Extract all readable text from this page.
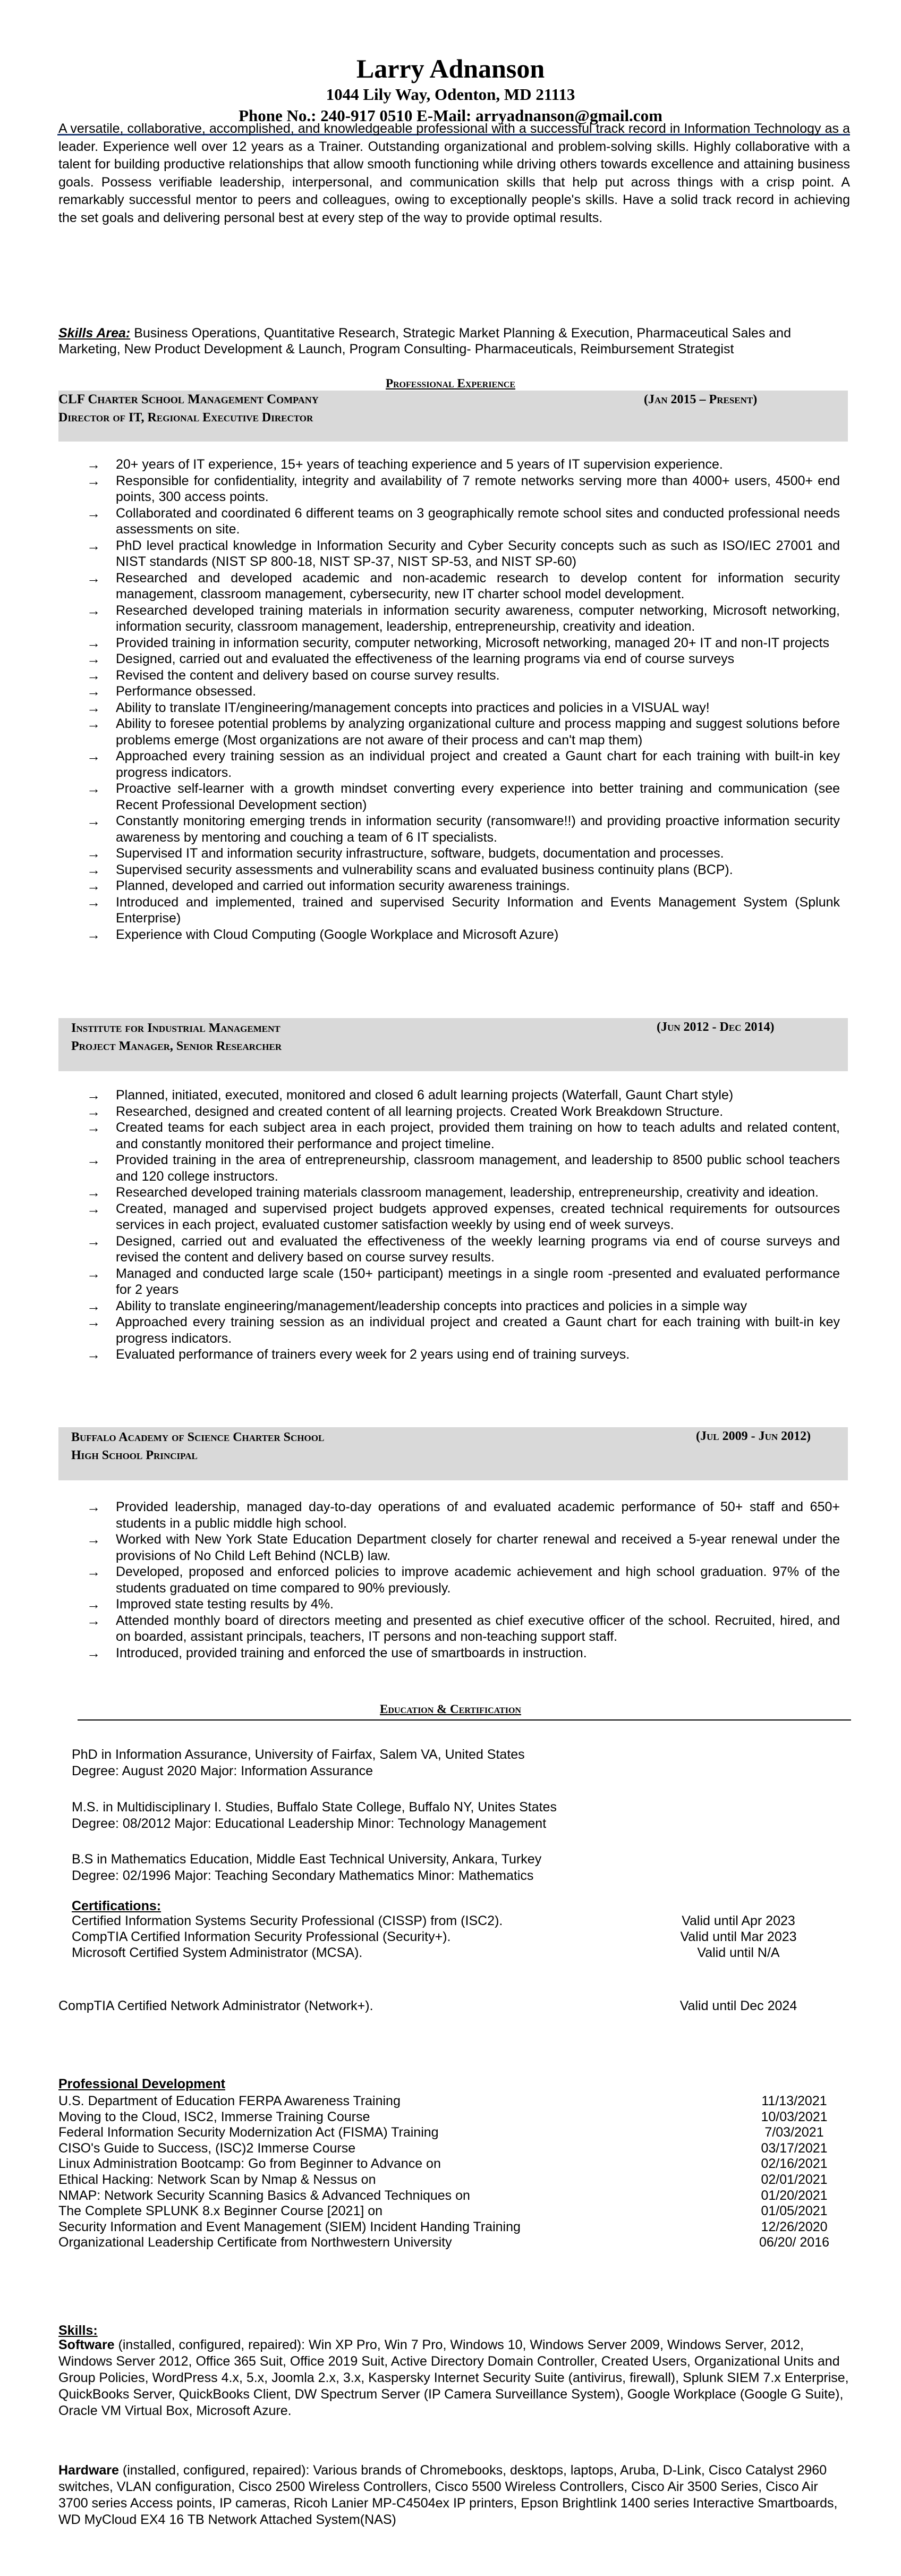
Larry Adnanson
1044 Lily Way, Odenton, MD 21113
Phone No.: 240-917 0510 E-Mail: arryadnanson@gmail.com
A versatile, collaborative, accomplished, and knowledgeable professional with a successful track record in Information Technology as a leader. Experience well over 12 years as a Trainer. Outstanding organizational and problem-solving skills. Highly collaborative with a talent for building productive relationships that allow smooth functioning while driving others towards excellence and attaining business goals. Possess verifiable leadership, interpersonal, and communication skills that help put across things with a crisp point. A remarkably successful mentor to peers and colleagues, owing to exceptionally people's skills. Have a solid track record in achieving the set goals and delivering personal best at every step of the way to provide optimal results.
Skills Area: Business Operations, Quantitative Research, Strategic Market Planning & Execution, Pharmaceutical Sales and Marketing, New Product Development & Launch, Program Consulting- Pharmaceuticals, Reimbursement Strategist
Professional Experience
CLF Charter School Management Company	(Jan 2015 – Present)
Director of IT, Regional Executive Director
→ 20+ years of IT experience, 15+ years of teaching experience and 5 years of IT supervision experience.
→ Responsible for confidentiality, integrity and availability of 7 remote networks serving more than 4000+ users, 4500+ end points, 300 access points.
→ Collaborated and coordinated 6 different teams on 3 geographically remote school sites and conducted professional needs assessments on site.
→ PhD level practical knowledge in Information Security and Cyber Security concepts such as such as ISO/IEC 27001 and NIST standards (NIST SP 800-18, NIST SP-37, NIST SP-53, and NIST SP-60)
→ Researched and developed academic and non-academic research to develop content for information security management, classroom management, cybersecurity, new IT charter school model development.
→ Researched developed training materials in information security awareness, computer networking, Microsoft networking, information security, classroom management, leadership, entrepreneurship, creativity and ideation.
→ Provided training in information security, computer networking, Microsoft networking, managed 20+ IT and non-IT projects
→ Designed, carried out and evaluated the effectiveness of the learning programs via end of course surveys
→ Revised the content and delivery based on course survey results.
→ Performance obsessed.
→ Ability to translate IT/engineering/management concepts into practices and policies in a VISUAL way!
→ Ability to foresee potential problems by analyzing organizational culture and process mapping and suggest solutions before problems emerge (Most organizations are not aware of their process and can't map them)
→ Approached every training session as an individual project and created a Gaunt chart for each training with built-in key progress indicators.
→ Proactive self-learner with a growth mindset converting every experience into better training and communication (see Recent Professional Development section)
→ Constantly monitoring emerging trends in information security (ransomware!!) and providing proactive information security awareness by mentoring and couching a team of 6 IT specialists.
→ Supervised IT and information security infrastructure, software, budgets, documentation and processes.
→ Supervised security assessments and vulnerability scans and evaluated business continuity plans (BCP).
→ Planned, developed and carried out information security awareness trainings.
→ Introduced and implemented, trained and supervised Security Information and Events Management System (Splunk Enterprise)
→ Experience with Cloud Computing (Google Workplace and Microsoft Azure)
Institute for Industrial Management	(Jun 2012 - Dec 2014)
Project Manager, Senior Researcher
→ Planned, initiated, executed, monitored and closed 6 adult learning projects (Waterfall, Gaunt Chart style)
→ Researched, designed and created content of all learning projects. Created Work Breakdown Structure.
→ Created teams for each subject area in each project, provided them training on how to teach adults and related content, and constantly monitored their performance and project timeline.
→ Provided training in the area of entrepreneurship, classroom management, and leadership to 8500 public school teachers and 120 college instructors.
→ Researched developed training materials classroom management, leadership, entrepreneurship, creativity and ideation.
→ Created, managed and supervised project budgets approved expenses, created technical requirements for outsources services in each project, evaluated customer satisfaction weekly by using end of week surveys.
→ Designed, carried out and evaluated the effectiveness of the weekly learning programs via end of course surveys and revised the content and delivery based on course survey results.
→ Managed and conducted large scale (150+ participant) meetings in a single room -presented and evaluated performance for 2 years
→ Ability to translate engineering/management/leadership concepts into practices and policies in a simple way
→ Approached every training session as an individual project and created a Gaunt chart for each training with built-in key progress indicators.
→ Evaluated performance of trainers every week for 2 years using end of training surveys.
Buffalo Academy of Science Charter School	(Jul 2009 - Jun 2012)
High School Principal
→ Provided leadership, managed day-to-day operations of and evaluated academic performance of 50+ staff and 650+ students in a public middle high school.
→ Worked with New York State Education Department closely for charter renewal and received a 5-year renewal under the provisions of No Child Left Behind (NCLB) law.
→ Developed, proposed and enforced policies to improve academic achievement and high school graduation. 97% of the students graduated on time compared to 90% previously.
→ Improved state testing results by 4%.
→ Attended monthly board of directors meeting and presented as chief executive officer of the school. Recruited, hired, and on boarded, assistant principals, teachers, IT persons and non-teaching support staff.
→ Introduced, provided training and enforced the use of smartboards in instruction.
Education & Certification
PhD in Information Assurance, University of Fairfax, Salem VA, United States
Degree: August 2020 Major: Information Assurance
M.S. in Multidisciplinary I. Studies, Buffalo State College, Buffalo NY, Unites States
Degree: 08/2012 Major: Educational Leadership Minor: Technology Management
B.S in Mathematics Education, Middle East Technical University, Ankara, Turkey
Degree: 02/1996 Major: Teaching Secondary Mathematics Minor: Mathematics
Certifications:
Certified Information Systems Security Professional (CISSP) from (ISC2).	Valid until Apr 2023
CompTIA Certified Information Security Professional (Security+).	Valid until Mar 2023
Microsoft Certified System Administrator (MCSA).	Valid until N/A
CompTIA Certified Network Administrator (Network+).	Valid until Dec 2024
Professional Development
U.S. Department of Education FERPA Awareness Training	11/13/2021
Moving to the Cloud, ISC2, Immerse Training Course	10/03/2021
Federal Information Security Modernization Act (FISMA) Training	7/03/2021
CISO's Guide to Success, (ISC)2 Immerse Course	03/17/2021
Linux Administration Bootcamp: Go from Beginner to Advance on	02/16/2021
Ethical Hacking: Network Scan by Nmap & Nessus on	02/01/2021
NMAP: Network Security Scanning Basics & Advanced Techniques on	01/20/2021
The Complete SPLUNK 8.x Beginner Course [2021] on	01/05/2021
Security Information and Event Management (SIEM) Incident Handing Training	12/26/2020
Organizational Leadership Certificate from Northwestern University	06/20/ 2016
Skills:
Software (installed, configured, repaired): Win XP Pro, Win 7 Pro, Windows 10, Windows Server 2009, Windows Server, 2012, Windows Server 2012, Office 365 Suit, Office 2019 Suit, Active Directory Domain Controller, Created Users, Organizational Units and Group Policies, WordPress 4.x, 5.x, Joomla 2.x, 3.x, Kaspersky Internet Security Suite (antivirus, firewall), Splunk SIEM 7.x Enterprise, QuickBooks Server, QuickBooks Client, DW Spectrum Server (IP Camera Surveillance System), Google Workplace (Google G Suite), Oracle VM Virtual Box, Microsoft Azure.
Hardware (installed, configured, repaired): Various brands of Chromebooks, desktops, laptops, Aruba, D-Link, Cisco Catalyst 2960 switches, VLAN configuration, Cisco 2500 Wireless Controllers, Cisco 5500 Wireless Controllers, Cisco Air 3500 Series, Cisco Air 3700 series Access points, IP cameras, Ricoh Lanier MP-C4504ex IP printers, Epson Brightlink 1400 series Interactive Smartboards, WD MyCloud EX4 16 TB Network Attached System(NAS)
